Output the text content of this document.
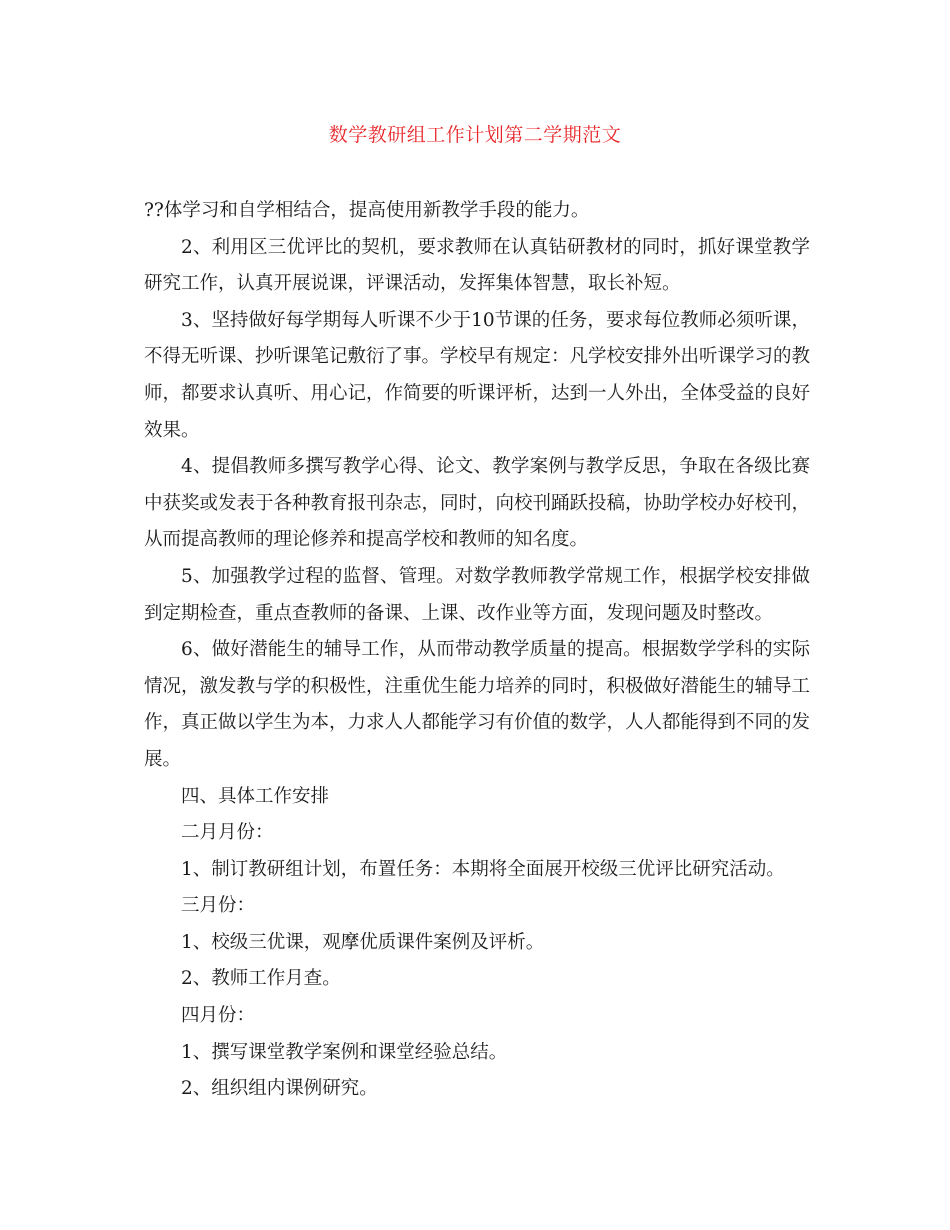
数学教研组工作计划第二学期范文

??体学习和自学相结合，提高使用新教学手段的能力。

2、利用区三优评比的契机，要求教师在认真钻研教材的同时，抓好课堂教学研究工作，认真开展说课，评课活动，发挥集体智慧，取长补短。

3、坚持做好每学期每人听课不少于10节课的任务，要求每位教师必须听课，不得无听课、抄听课笔记敷衍了事。学校早有规定：凡学校安排外出听课学习的教师，都要求认真听、用心记，作简要的听课评析，达到一人外出，全体受益的良好效果。

4、提倡教师多撰写教学心得、论文、教学案例与教学反思，争取在各级比赛中获奖或发表于各种教育报刊杂志，同时，向校刊踊跃投稿，协助学校办好校刊，从而提高教师的理论修养和提高学校和教师的知名度。

5、加强教学过程的监督、管理。对数学教师教学常规工作，根据学校安排做到定期检查，重点查教师的备课、上课、改作业等方面，发现问题及时整改。

6、做好潜能生的辅导工作，从而带动教学质量的提高。根据数学学科的实际情况，激发教与学的积极性，注重优生能力培养的同时，积极做好潜能生的辅导工作，真正做以学生为本，力求人人都能学习有价值的数学，人人都能得到不同的发展。

四、具体工作安排

二月月份：

1、制订教研组计划，布置任务：本期将全面展开校级三优评比研究活动。

三月份：

1、校级三优课，观摩优质课件案例及评析。

2、教师工作月查。

四月份：

1、撰写课堂教学案例和课堂经验总结。

2、组织组内课例研究。
